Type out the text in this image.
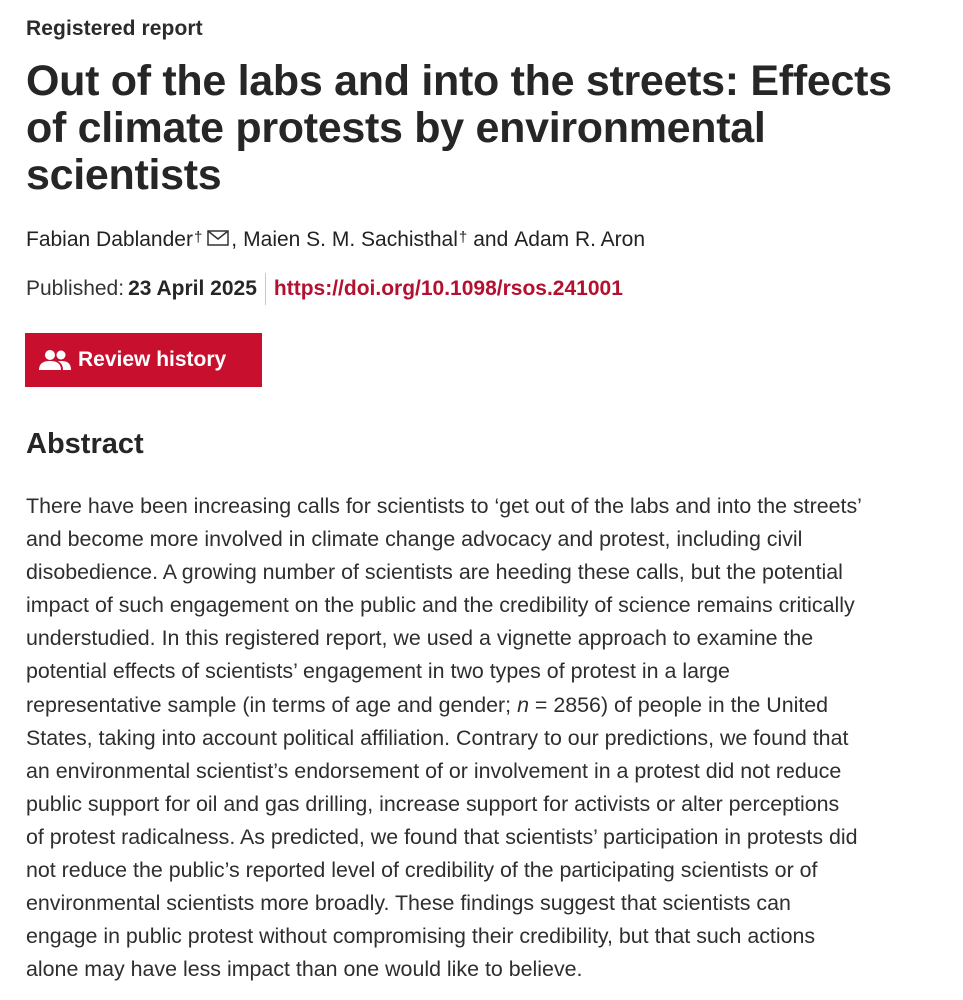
Registered report
Out of the labs and into the streets: Effects of climate protests by environmental scientists
Fabian Dablander† , Maien S. M. Sachisthal† and Adam R. Aron
Published: 23 April 2025 https://doi.org/10.1098/rsos.241001
Review history
Abstract

There have been increasing calls for scientists to ‘get out of the labs and into the streets’
and become more involved in climate change advocacy and protest, including civil
disobedience. A growing number of scientists are heeding these calls, but the potential
impact of such engagement on the public and the credibility of science remains critically
understudied. In this registered report, we used a vignette approach to examine the
potential effects of scientists’ engagement in two types of protest in a large
representative sample (in terms of age and gender; n = 2856) of people in the United
States, taking into account political affiliation. Contrary to our predictions, we found that
an environmental scientist’s endorsement of or involvement in a protest did not reduce
public support for oil and gas drilling, increase support for activists or alter perceptions
of protest radicalness. As predicted, we found that scientists’ participation in protests did
not reduce the public’s reported level of credibility of the participating scientists or of
environmental scientists more broadly. These findings suggest that scientists can
engage in public protest without compromising their credibility, but that such actions
alone may have less impact than one would like to believe.
